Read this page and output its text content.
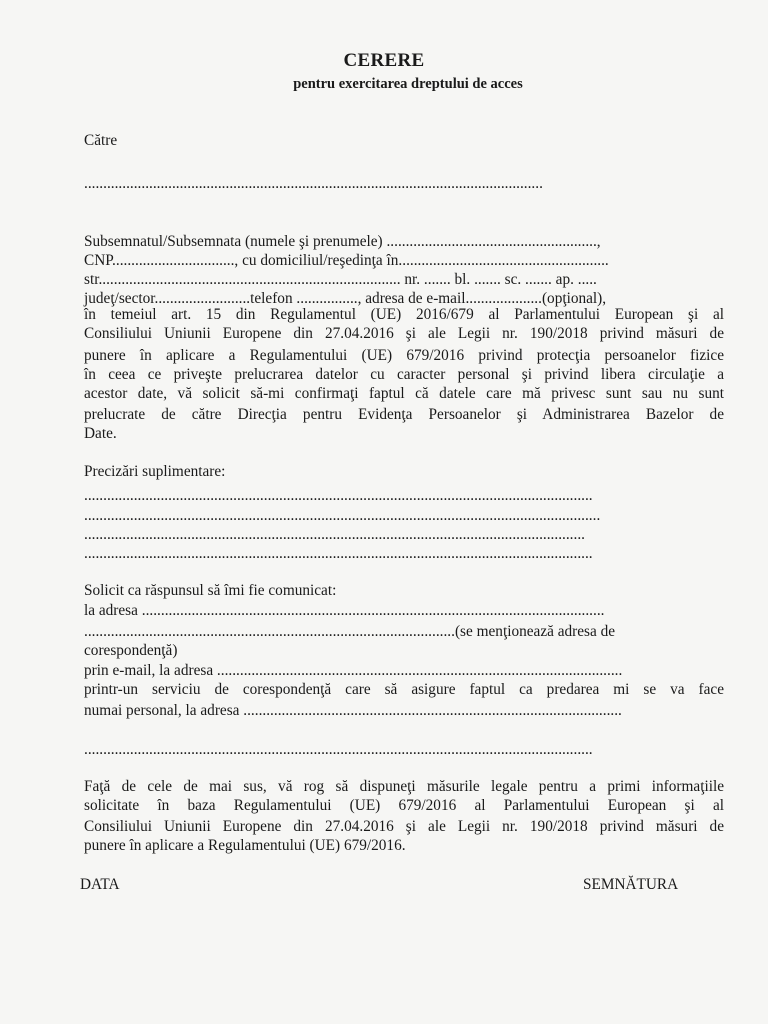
CERERE
pentru exercitarea dreptului de acces
Către
........................................................................................................................
Subsemnatul/Subsemnata (numele şi prenumele) .......................................................,
CNP................................, cu domiciliul/reşedinţa în.......................................................
str............................................................................... nr. ....... bl. ....... sc. ....... ap. .....
judeţ/sector.........................telefon ................, adresa de e-mail....................(opţional),
în temeiul art. 15 din Regulamentul (UE) 2016/679 al Parlamentului European şi al
Consiliului Uniunii Europene din 27.04.2016 şi ale Legii nr. 190/2018 privind măsuri de
punere în aplicare a Regulamentului (UE) 679/2016 privind protecţia persoanelor fizice
în ceea ce priveşte prelucrarea datelor cu caracter personal şi privind libera circulaţie a
acestor date, vă solicit să-mi confirmaţi faptul că datele care mă privesc sunt sau nu sunt
prelucrate de către Direcţia pentru Evidenţa Persoanelor şi Administrarea Bazelor de
Date.
Precizări suplimentare:
.....................................................................................................................................
.......................................................................................................................................
...................................................................................................................................
.....................................................................................................................................
Solicit ca răspunsul să îmi fie comunicat:
la adresa .........................................................................................................................
.................................................................................................(se menţionează adresa de
corespondenţă)
prin e-mail, la adresa ..........................................................................................................
printr-un serviciu de corespondenţă care să asigure faptul ca predarea mi se va face
numai personal, la adresa ...................................................................................................
.....................................................................................................................................
Faţă de cele de mai sus, vă rog să dispuneţi măsurile legale pentru a primi informaţiile
solicitate în baza Regulamentului (UE) 679/2016 al Parlamentului European şi al
Consiliului Uniunii Europene din 27.04.2016 şi ale Legii nr. 190/2018 privind măsuri de
punere în aplicare a Regulamentului (UE) 679/2016.
DATA	SEMNĂTURA
